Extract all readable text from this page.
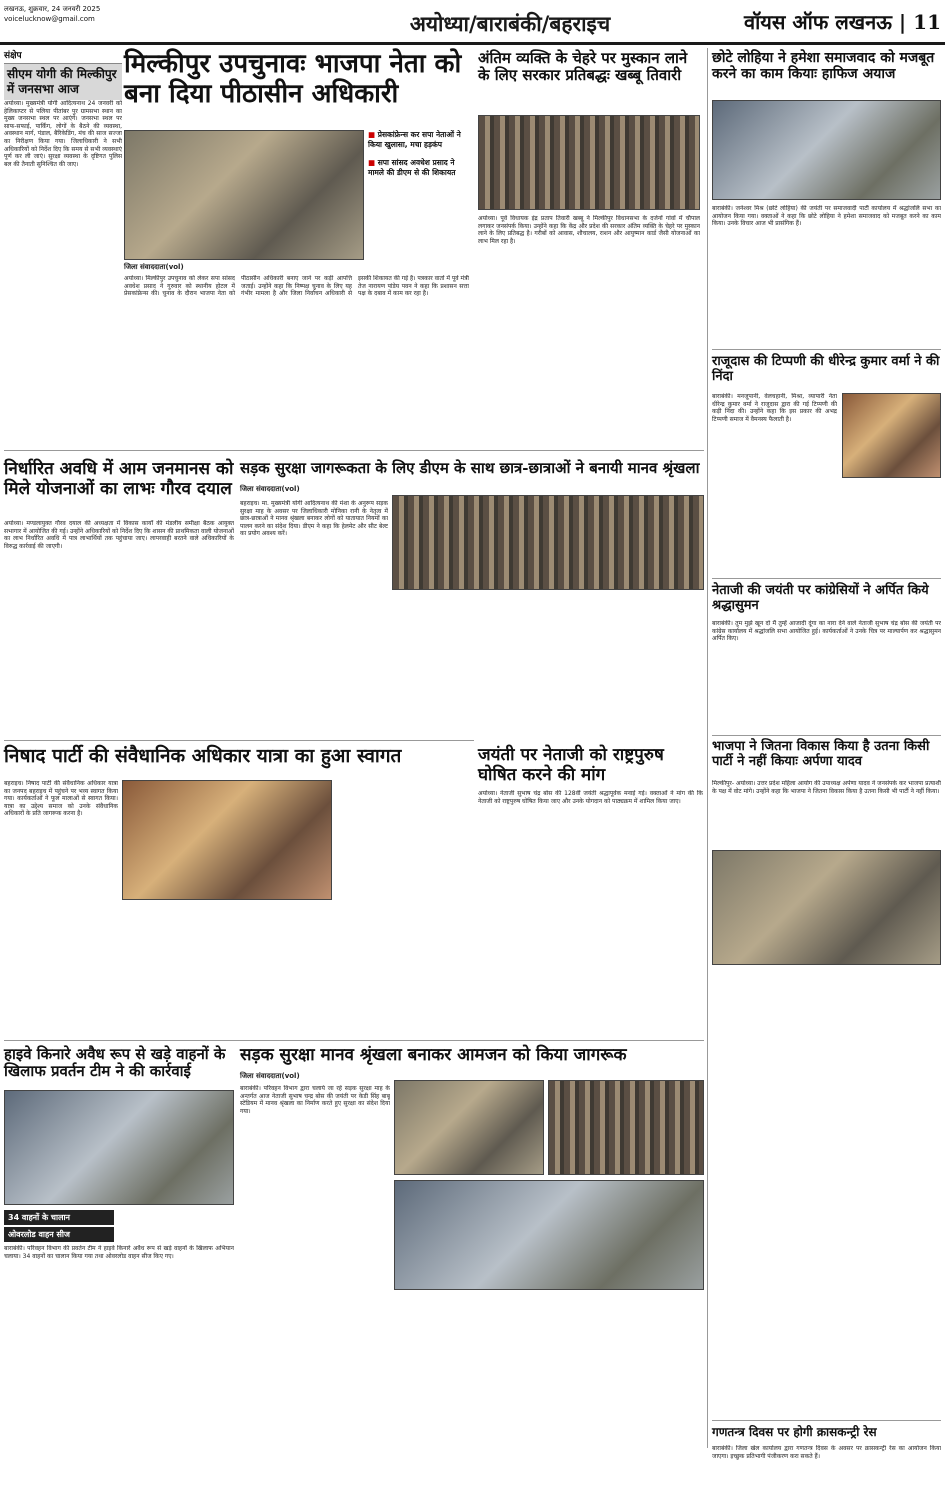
लखनऊ, शुक्रवार, 24 जनवरी 2025
voicelucknow@gmail.com	अयोध्या/बाराबंकी/बहराइच	वॉयस ऑफ लखनऊ | 11
संक्षेप
सीएम योगी की मिल्कीपुर में जनसभा आज
अयोध्या। मुख्यमंत्री योगी आदित्यनाथ 24 जनवरी को हेलिकाप्टर से पलिया पीतांबर पुर ग्रामसभा स्थान का मुख्य जनसभा स्थल पर आएंगे। जनसभा स्थल पर साफ-सफाई, पार्किंग, लोगों के बैठने की व्यवस्था, अवस्थान मार्ग, पंडाल, बैरिकेडिंग, मंच की साज सज्जा का निरीक्षण किया गया। जिलाधिकारी ने सभी अधिकारियों को निर्देश दिए कि समय से सभी व्यवस्थाएं पूर्ण कर ली जाएं। सुरक्षा व्यवस्था के दृष्टिगत पुलिस बल की तैनाती सुनिश्चित की जाए।
मिल्कीपुर उपचुनावः भाजपा नेता को बना दिया पीठासीन अधिकारी
■ प्रेसकांफ्रेन्स कर सपा नेताओं ने किया खुलासा, मचा हड़कंप
■ सपा सांसद अवधेश प्रसाद ने मामले की डीएम से की शिकायत
जिला संवाददाता(vol)
अयोध्या। मिल्कीपुर उपचुनाव को लेकर सपा सांसद अवधेश प्रसाद ने गुरुवार को स्थानीय होटल में प्रेसकांफ्रेन्स की। चुनाव के दौरान भाजपा नेता को पीठासीन अधिकारी बनाए जाने पर कड़ी आपत्ति जताई। उन्होंने कहा कि निष्पक्ष चुनाव के लिए यह गंभीर मामला है और जिला निर्वाचन अधिकारी से इसकी शिकायत की गई है। पत्रकार वार्ता में पूर्व मंत्री तेज नारायण पांडेय पवन ने कहा कि प्रशासन सत्ता पक्ष के दबाव में काम कर रहा है।
अंतिम व्यक्ति के चेहरे पर मुस्कान लाने के लिए सरकार प्रतिबद्धः खब्बू तिवारी
अयोध्या। पूर्व विधायक इंद्र प्रताप तिवारी खब्बू ने मिल्कीपुर विधानसभा के दर्जनों गांवों में चौपाल लगाकर जनसंपर्क किया। उन्होंने कहा कि केंद्र और प्रदेश की सरकार अंतिम व्यक्ति के चेहरे पर मुस्कान लाने के लिए प्रतिबद्ध है। गरीबों को आवास, शौचालय, राशन और आयुष्मान कार्ड जैसी योजनाओं का लाभ मिल रहा है।
छोटे लोहिया ने हमेशा समाजवाद को मजबूत करने का काम कियाः हाफिज अयाज
बाराबंकी। जनेश्वर मिश्र (छोटे लोहिया) की जयंती पर समाजवादी पार्टी कार्यालय में श्रद्धांजलि सभा का आयोजन किया गया। वक्ताओं ने कहा कि छोटे लोहिया ने हमेशा समाजवाद को मजबूत करने का काम किया। उनके विचार आज भी प्रासंगिक हैं।
राजूदास की टिप्पणी की धीरेन्द्र कुमार वर्मा ने की निंदा
बाराबंकी। मनजूपानी, वेलचहानी, मिश्रा, व्यापारी नेता धीरेन्द्र कुमार वर्मा ने राजूदास द्वारा की गई टिप्पणी की कड़ी निंदा की। उन्होंने कहा कि इस प्रकार की अभद्र टिप्पणी समाज में वैमनस्य फैलाती है।
निर्धारित अवधि में आम जनमानस को मिले योजनाओं का लाभः गौरव दयाल
अयोध्या। मण्डलायुक्त गौरव दयाल की अध्यक्षता में विकास कार्यों की मंडलीय समीक्षा बैठक आयुक्त सभागार में आयोजित की गई। उन्होंने अधिकारियों को निर्देश दिए कि शासन की प्राथमिकता वाली योजनाओं का लाभ निर्धारित अवधि में पात्र लाभार्थियों तक पहुंचाया जाए। लापरवाही बरतने वाले अधिकारियों के विरुद्ध कार्रवाई की जाएगी।
सड़क सुरक्षा जागरूकता के लिए डीएम के साथ छात्र-छात्राओं ने बनायी मानव श्रृंखला
जिला संवाददाता(vol)
बहराइच। मा. मुख्यमंत्री योगी आदित्यनाथ की मंशा के अनुरूप सड़क सुरक्षा माह के अवसर पर जिलाधिकारी मोनिका रानी के नेतृत्व में छात्र-छात्राओं ने मानव श्रृंखला बनाकर लोगों को यातायात नियमों का पालन करने का संदेश दिया। डीएम ने कहा कि हेलमेट और सीट बेल्ट का प्रयोग अवश्य करें।
नेताजी की जयंती पर कांग्रेसियों ने अर्पित किये श्रद्धासुमन
बाराबंकी। तुम मुझे खून दो मैं तुम्हें आजादी दूंगा का नारा देने वाले नेताजी सुभाष चंद्र बोस की जयंती पर कांग्रेस कार्यालय में श्रद्धांजलि सभा आयोजित हुई। कार्यकर्ताओं ने उनके चित्र पर माल्यार्पण कर श्रद्धासुमन अर्पित किए।
निषाद पार्टी की संवैधानिक अधिकार यात्रा का हुआ स्वागत
बहराइच। निषाद पार्टी की संवैधानिक अधिकार यात्रा का जनपद बहराइच में पहुंचने पर भव्य स्वागत किया गया। कार्यकर्ताओं ने फूल मालाओं से स्वागत किया। यात्रा का उद्देश्य समाज को उनके संवैधानिक अधिकारों के प्रति जागरूक करना है।
जयंती पर नेताजी को राष्ट्रपुरुष घोषित करने की मांग
अयोध्या। नेताजी सुभाष चंद्र बोस की 128वीं जयंती श्रद्धापूर्वक मनाई गई। वक्ताओं ने मांग की कि नेताजी को राष्ट्रपुरुष घोषित किया जाए और उनके योगदान को पाठ्यक्रम में शामिल किया जाए।
भाजपा ने जितना विकास किया है उतना किसी पार्टी ने नहीं कियाः अर्पणा यादव
मिल्कीपुर- अयोध्या। उत्तर प्रदेश महिला आयोग की उपाध्यक्ष अर्पणा यादव ने जनसंपर्क कर भाजपा प्रत्याशी के पक्ष में वोट मांगे। उन्होंने कहा कि भाजपा ने जितना विकास किया है उतना किसी भी पार्टी ने नहीं किया।
हाइवे किनारे अवैध रूप से खड़े वाहनों के खिलाफ प्रवर्तन टीम ने की कार्रवाई
34 वाहनों के चालान
ओवरलोड वाहन सीज
बाराबंकी। परिवहन विभाग की प्रवर्तन टीम ने हाइवे किनारे अवैध रूप से खड़े वाहनों के खिलाफ अभियान चलाया। 34 वाहनों का चालान किया गया तथा ओवरलोड वाहन सीज किए गए।
सड़क सुरक्षा मानव श्रृंखला बनाकर आमजन को किया जागरूक
जिला संवाददाता(vol)
बाराबंकी। परिवहन विभाग द्वारा चलाये जा रहे सड़क सुरक्षा माह के अन्तर्गत आज नेताजी सुभाष चन्द्र बोस की जयंती पर केडी सिंह बाबू स्टेडियम में मानव श्रृंखला का निर्माण करते हुए सुरक्षा का संदेश दिया गया।
गणतन्त्र दिवस पर होगी क्रासकन्ट्री रेस
बाराबंकी। जिला खेल कार्यालय द्वारा गणतन्त्र दिवस के अवसर पर क्रासकन्ट्री रेस का आयोजन किया जाएगा। इच्छुक प्रतिभागी पंजीकरण करा सकते हैं।
